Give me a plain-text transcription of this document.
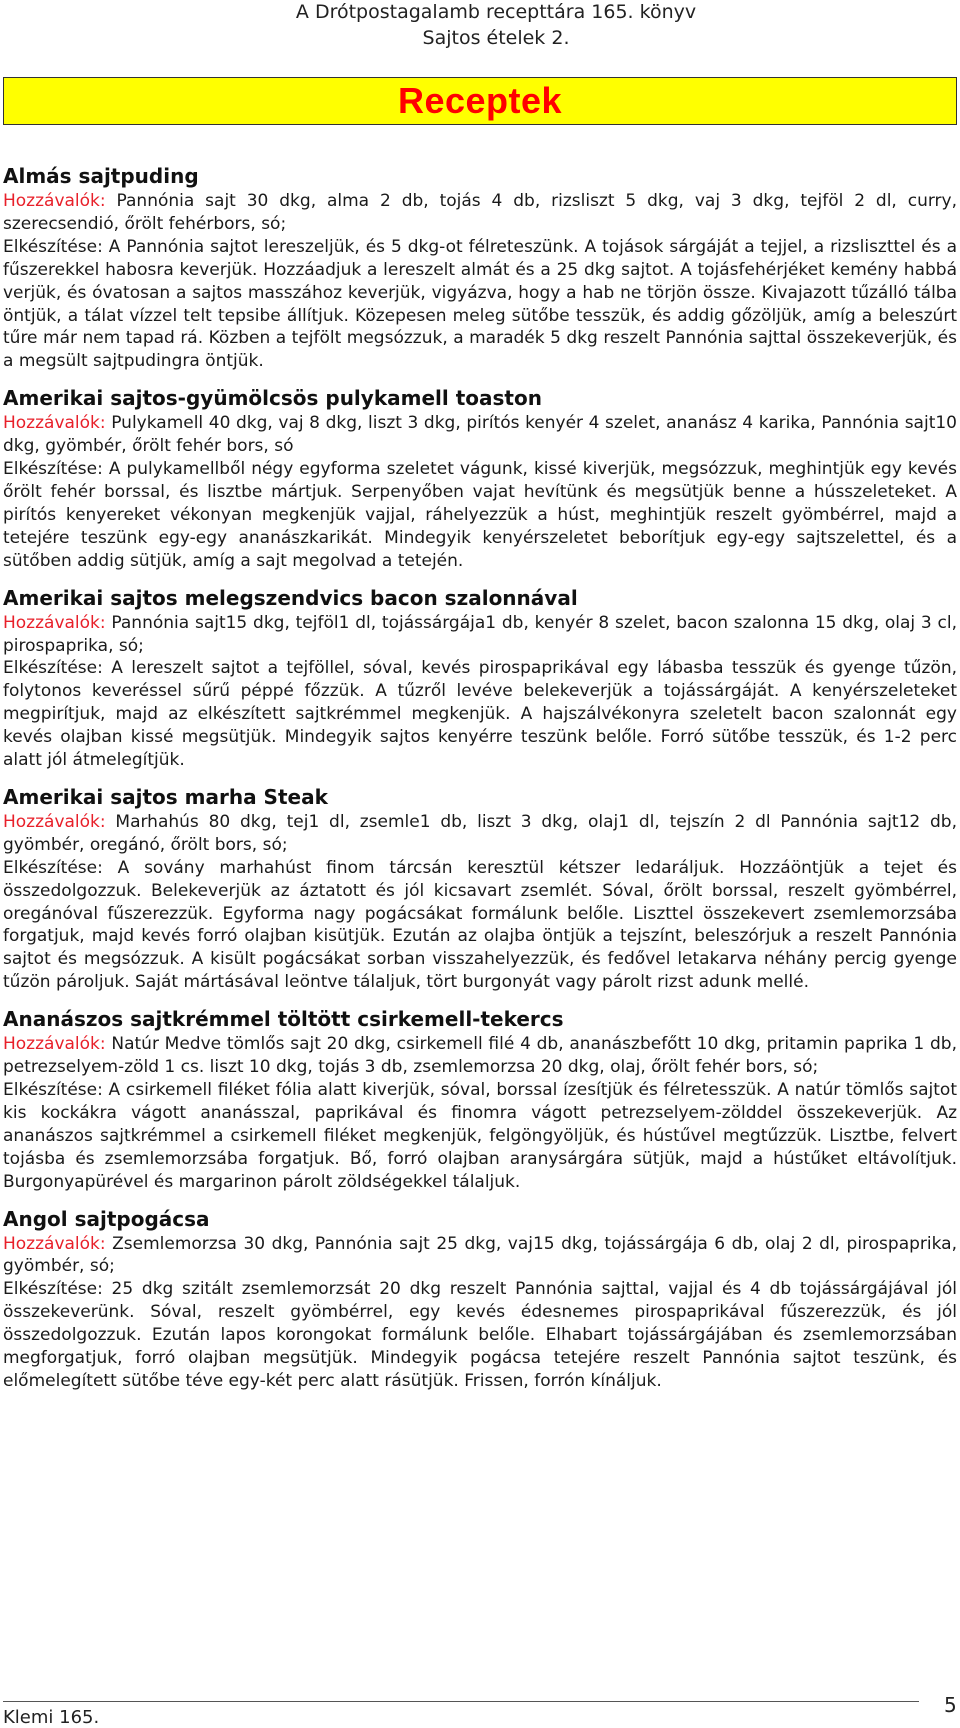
A Drótpostagalamb recepttára 165. könyv
Sajtos ételek 2.
Receptek
Almás sajtpuding

Hozzávalók: Pannónia sajt 30 dkg, alma 2 db, tojás 4 db, rizsliszt 5 dkg, vaj 3 dkg, tejföl 2 dl, curry, szerecsendió, őrölt fehérbors, só;

Elkészítése: A Pannónia sajtot lereszeljük, és 5 dkg-ot félreteszünk. A tojások sárgáját a tejjel, a rizsliszttel és a fűszerekkel habosra keverjük. Hozzáadjuk a lereszelt almát és a 25 dkg sajtot. A tojásfehérjéket kemény habbá verjük, és óvatosan a sajtos masszához keverjük, vigyázva, hogy a hab ne törjön össze. Kivajazott tűzálló tálba öntjük, a tálat vízzel telt tepsibe állítjuk. Közepesen meleg sütőbe tesszük, és addig gőzöljük, amíg a beleszúrt tűre már nem tapad rá. Közben a tejfölt megsózzuk, a maradék 5 dkg reszelt Pannónia sajttal összekeverjük, és a megsült sajtpudingra öntjük.

Amerikai sajtos-gyümölcsös pulykamell toaston

Hozzávalók: Pulykamell 40 dkg, vaj 8 dkg, liszt 3 dkg, pirítós kenyér 4 szelet, ananász 4 karika, Pannónia sajt10 dkg, gyömbér, őrölt fehér bors, só

Elkészítése: A pulykamellből négy egyforma szeletet vágunk, kissé kiverjük, megsózzuk, meghintjük egy kevés őrölt fehér borssal, és lisztbe mártjuk. Serpenyőben vajat hevítünk és megsütjük benne a hússzeleteket. A pirítós kenyereket vékonyan megkenjük vajjal, ráhelyezzük a húst, meghintjük reszelt gyömbérrel, majd a tetejére teszünk egy-egy ananászkarikát. Mindegyik kenyérszeletet beborítjuk egy-egy sajtszelettel, és a sütőben addig sütjük, amíg a sajt megolvad a tetején.

Amerikai sajtos melegszendvics bacon szalonnával

Hozzávalók: Pannónia sajt15 dkg, tejföl1 dl, tojássárgája1 db, kenyér 8 szelet, bacon szalonna 15 dkg, olaj 3 cl, pirospaprika, só;

Elkészítése: A lereszelt sajtot a tejföllel, sóval, kevés pirospaprikával egy lábasba tesszük és gyenge tűzön, folytonos keveréssel sűrű péppé főzzük. A tűzről levéve belekeverjük a tojássárgáját. A kenyérszeleteket megpirítjuk, majd az elkészített sajtkrémmel megkenjük. A hajszálvékonyra szeletelt bacon szalonnát egy kevés olajban kissé megsütjük. Mindegyik sajtos kenyérre teszünk belőle. Forró sütőbe tesszük, és 1-2 perc alatt jól átmelegítjük.

Amerikai sajtos marha Steak

Hozzávalók: Marhahús 80 dkg, tej1 dl, zsemle1 db, liszt 3 dkg, olaj1 dl, tejszín 2 dl Pannónia sajt12 db, gyömbér, oregánó, őrölt bors, só;

Elkészítése: A sovány marhahúst finom tárcsán keresztül kétszer ledaráljuk. Hozzáöntjük a tejet és összedolgozzuk. Belekeverjük az áztatott és jól kicsavart zsemlét. Sóval, őrölt borssal, reszelt gyömbérrel, oregánóval fűszerezzük. Egyforma nagy pogácsákat formálunk belőle. Liszttel összekevert zsemlemorzsába forgatjuk, majd kevés forró olajban kisütjük. Ezután az olajba öntjük a tejszínt, beleszórjuk a reszelt Pannónia sajtot és megsózzuk. A kisült pogácsákat sorban visszahelyezzük, és fedővel letakarva néhány percig gyenge tűzön pároljuk. Saját mártásával leöntve tálaljuk, tört burgonyát vagy párolt rizst adunk mellé.

Ananászos sajtkrémmel töltött csirkemell-tekercs

Hozzávalók: Natúr Medve tömlős sajt 20 dkg, csirkemell filé 4 db, ananászbefőtt 10 dkg, pritamin paprika 1 db, petrezselyem-zöld 1 cs. liszt 10 dkg, tojás 3 db, zsemlemorzsa 20 dkg, olaj, őrölt fehér bors, só;

Elkészítése: A csirkemell filéket fólia alatt kiverjük, sóval, borssal ízesítjük és félretesszük. A natúr tömlős sajtot kis kockákra vágott ananásszal, paprikával és finomra vágott petrezselyem-zölddel összekeverjük. Az ananászos sajtkrémmel a csirkemell filéket megkenjük, felgöngyöljük, és hústűvel megtűzzük. Lisztbe, felvert tojásba és zsemlemorzsába forgatjuk. Bő, forró olajban aranysárgára sütjük, majd a hústűket eltávolítjuk. Burgonyapürével és margarinon párolt zöldségekkel tálaljuk.

Angol sajtpogácsa

Hozzávalók: Zsemlemorzsa 30 dkg, Pannónia sajt 25 dkg, vaj15 dkg, tojássárgája 6 db, olaj 2 dl, pirospaprika, gyömbér, só;

Elkészítése: 25 dkg szitált zsemlemorzsát 20 dkg reszelt Pannónia sajttal, vajjal és 4 db tojássárgájával jól összekeverünk. Sóval, reszelt gyömbérrel, egy kevés édesnemes pirospaprikával fűszerezzük, és jól összedolgozzuk. Ezután lapos korongokat formálunk belőle. Elhabart tojássárgájában és zsemlemorzsában megforgatjuk, forró olajban megsütjük. Mindegyik pogácsa tetejére reszelt Pannónia sajtot teszünk, és előmelegített sütőbe téve egy-két perc alatt rásütjük. Frissen, forrón kínáljuk.

Klemi 165.
5
